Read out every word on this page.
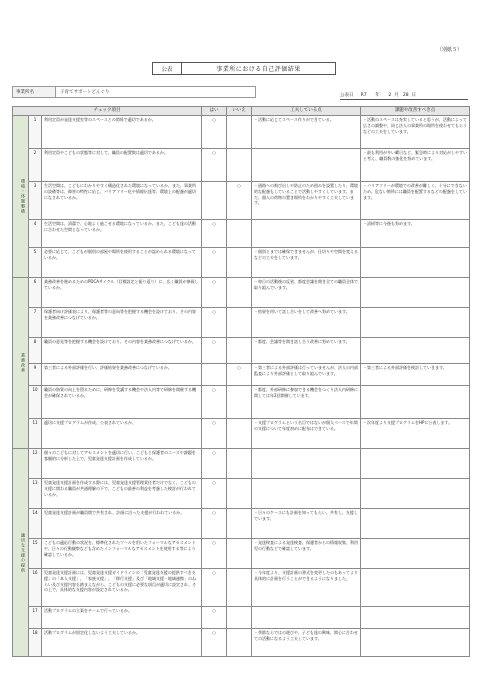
（別紙５）
公表	事業所における自己評価結果
事業所名	子育てサポートどんぐり
公表日 R7 年 2 月 28 日
チェック項目			はい	いいえ	工夫している点	課題や改善すべき点
環境・体制整備	1	利用定員が発達支援室等のスペースとの関係で適切であるか。	○		・活動に応じてスペース作りができている。	・活動のスペースは充実していると思うが、活動によって広さの調整や、同じ法人の事業所の場所を使わせてもらうなどの工夫をしています。
	2	利用定員やこどもの状態等に対して、職員の配置数は適切であるか。	○			・最も利用が多い曜日など、緊急時により対応がしやすいと考え、職員数の強化を努めています。
	3	生活空間は、こどもにわかりやすく構造化された環境になっているか。また、事業所の設備等は、障害の特性に応じ、バリアフリー化や情報伝達等、環境上の配慮が適切になされているか。		○	・通路への飛び出しや防止のため囲みを設置したり、環境的な配慮もしていることで活動しやすくしています。また、個人の荷物の置き場所をわかりやすく工夫しています。	・バリアフリーが環境での改善が難しく、十分にできないため、危ない箇所には職員を配置するなどの配慮をしています。
	4	生活空間は、清潔で、心地よく過ごせる環境になっているか。また、こども達の活動に合わせた空間となっているか。	○			・清掃等に今後も努めます。
	5	必要に応じて、こどもが個別の部屋や場所を使用することが認められる環境になっているか。	○		・個別とまでは確保できませんが、仕切りや空間を変えるなどの工夫をしています。	
業務改善	6	業務改善を進めるためのPDCAサイクル（目標設定と振り返り）に、広く職員が参画しているか。	○		・毎日の活動後の反省、都度会議を開き全ての職員全体で取り組んでいます。	
	7	保護者向け評価表により、保護者等の意向等を把握する機会を設けており、その内容を業務改善につなげているか。	○		・結果を用いて話し合いをして改善へ努めています。	
	8	職員の意見等を把握する機会を設けており、その内容を業務改善につなげているか。	○		・都度、会議等を開き話し合う改善に努めています。	
	9	第三者による外部評価を行い、評価結果を業務改善につなげているか。		○	・第三者による外部評価は行っていませんが、法人の内部監査により外部評価として取り組んでいます。	・第三者による外部評価を検討していきます。
	10	職員の資質の向上を図るために、研修を受講する機会や法人内等で研修を開催する機会が確保されているか。	○		・都度、外部研修に参加できる機会をつくり法人内研修に関しては年2回開催しています。	
	11	適切に支援プログラムが作成、公表されているか。	○		・支援プログラムという名目ではないが個人ベースで年間の支援について年度初めに配布はできている。	・次年度より支援プログラムをHPに公表します。
適切な支援の提供	12	個々のこどもに対してアセスメントを適切に行い、こどもと保護者のニーズや課題を客観的に分析した上で、児童発達支援計画を作成しているか。	○			
	13	児童発達支援計画を作成する際には、児童発達支援管理責任者だけでなく、こどもの支援に関わる職員が共通理解の下で、こどもの最善の利益を考慮した検討が行われているか。	○			
	14	児童発達支援計画が職員間で共有され、計画に沿った支援が行われているか。	○		・日々のケースにも計画を知ってもらい、共有し、支援しています。	
	15	こどもの適応行動の状況を、標準化されたツールを用いたフォーマルなアセスメントや、日々の行動観察なども含めたインフォーマルなアセスメントを使用する等により確認しているか。	○		・発達検査による発達検査、保護者からの情報収集、利用児の行動などで確認しています。	
	16	児童発達支援計画には、児童発達支援ガイドラインの「児童発達支援の提供すべき支援」の「本人支援」、「家族支援」、「移行支援」及び「地域支援・地域連携」のねらい及び支援内容も踏まえながら、こどもの支援に必要な項目が適切に設定され、その上で、具体的な支援内容が設定されているか。	○		・今年度より、支援計画の書式を変更したのもあってより具体的に計画を行うことができるようになりました。	
	17	活動プログラムの立案をチームで行っているか。	○			
	18	活動プログラムが固定化しないよう工夫しているか。	○		・季節ならではの遊びや、子ども達の興味、関心に合わせての活動になるよう工夫しています。	
